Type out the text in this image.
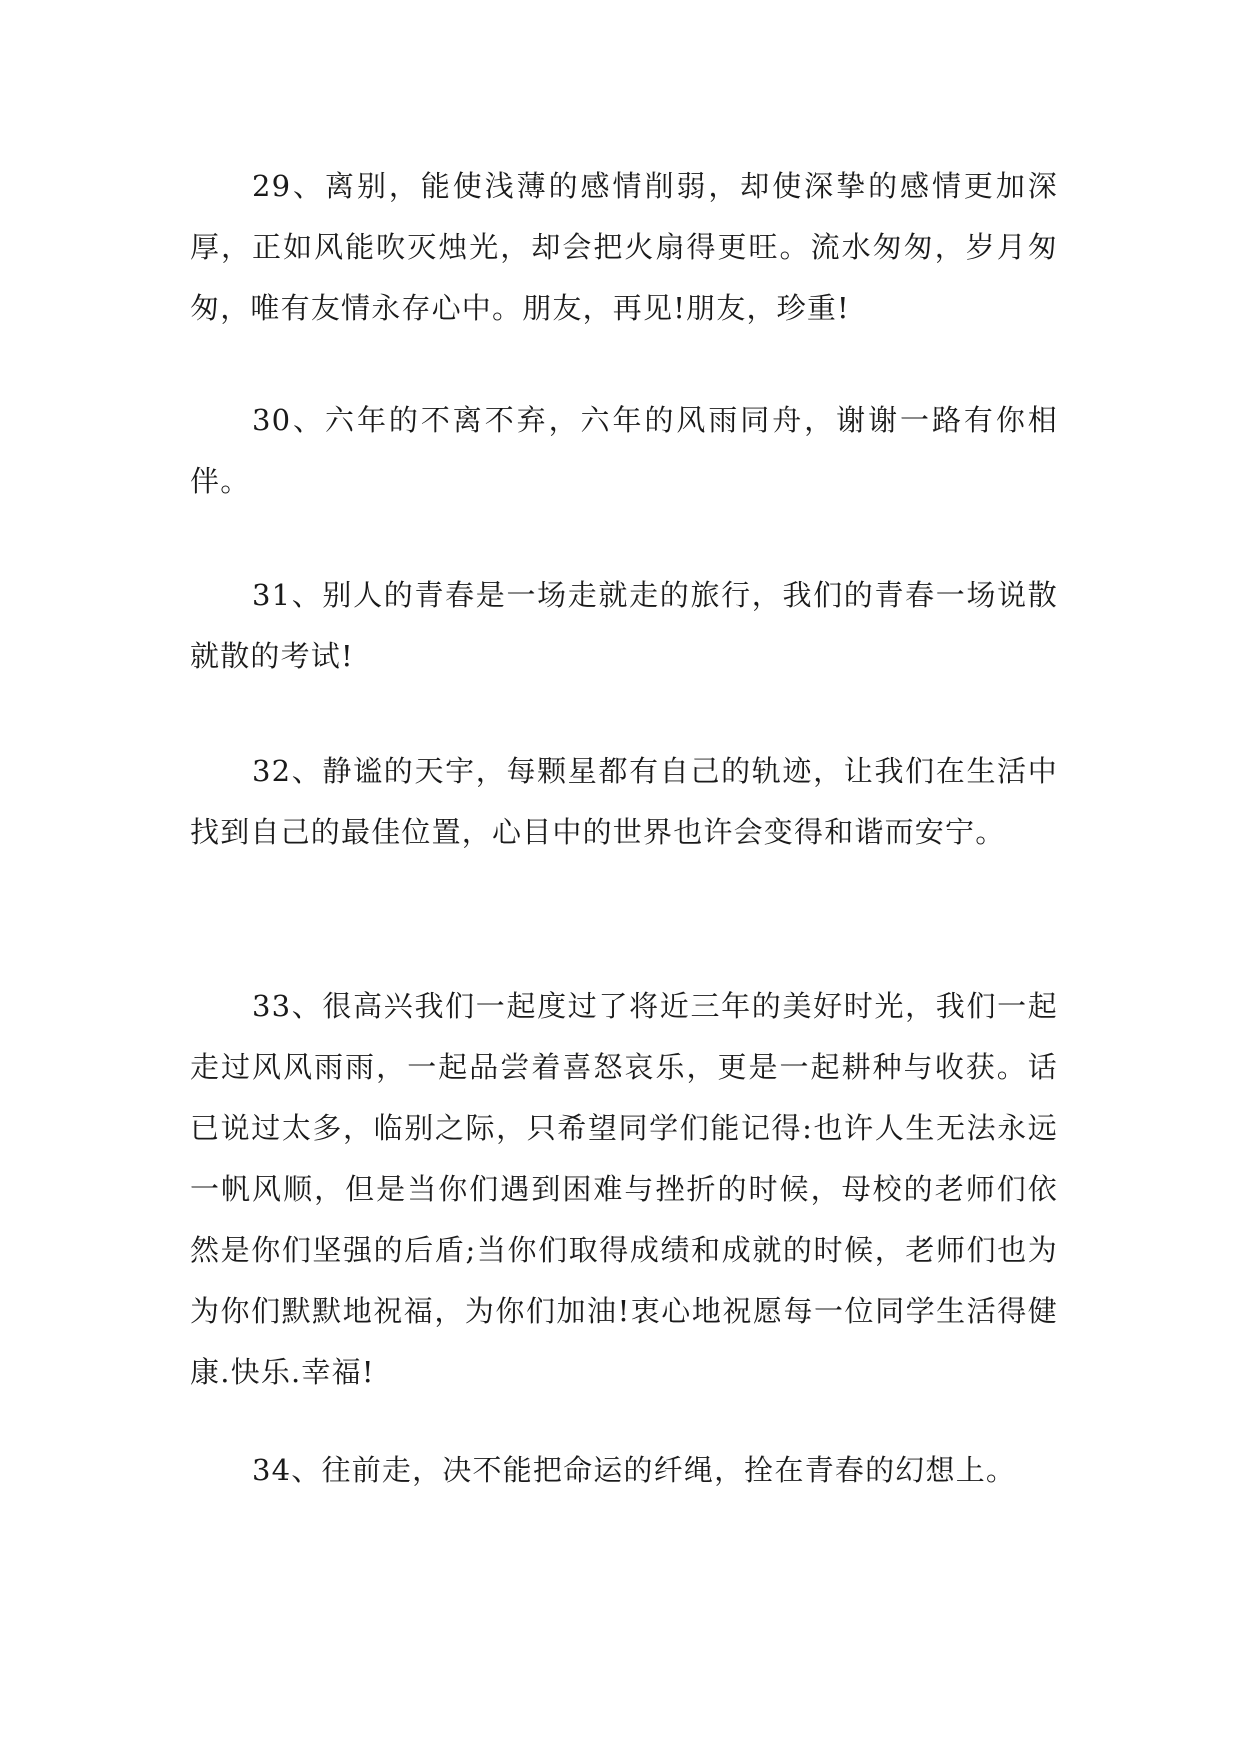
29、离别，能使浅薄的感情削弱，却使深挚的感情更加深厚，正如风能吹灭烛光，却会把火扇得更旺。流水匆匆，岁月匆匆，唯有友情永存心中。朋友，再见!朋友，珍重!

30、六年的不离不弃，六年的风雨同舟，谢谢一路有你相伴。

31、别人的青春是一场走就走的旅行，我们的青春一场说散就散的考试!

32、静谧的天宇，每颗星都有自己的轨迹，让我们在生活中找到自己的最佳位置，心目中的世界也许会变得和谐而安宁。

33、很高兴我们一起度过了将近三年的美好时光，我们一起走过风风雨雨，一起品尝着喜怒哀乐，更是一起耕种与收获。话已说过太多，临别之际，只希望同学们能记得:也许人生无法永远一帆风顺，但是当你们遇到困难与挫折的时候，母校的老师们依然是你们坚强的后盾;当你们取得成绩和成就的时候，老师们也为为你们默默地祝福，为你们加油!衷心地祝愿每一位同学生活得健康.快乐.幸福!

34、往前走，决不能把命运的纤绳，拴在青春的幻想上。
